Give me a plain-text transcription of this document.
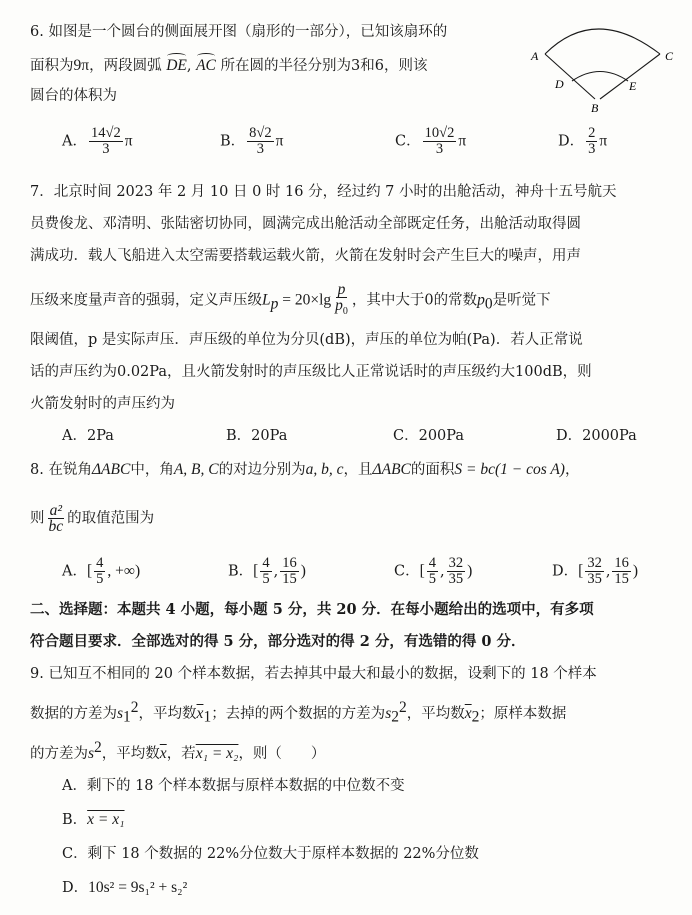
A	C
D	E
B
6. 如图是一个圆台的侧面展开图（扇形的一部分），已知该扇环的
面积为9π，两段圆弧 DE, AC 所在圆的半径分别为3和6，则该
圆台的体积为
A． $\frac{14√2}{3}$ π	B． $\frac{8√2}{3}$ π	C． $\frac{10√2}{3}$ π	D． $\frac{2}{3}$ π
7．北京时间 2023 年 2 月 10 日 0 时 16 分，经过约 7 小时的出舱活动，神舟十五号航天
员费俊龙、邓清明、张陆密切协同，圆满完成出舱活动全部既定任务，出舱活动取得圆
满成功．载人飞船进入太空需要搭载运载火箭，火箭在发射时会产生巨大的噪声，用声
压级来度量声音的强弱，定义声压级$L_p = 20\times\lg \frac{p}{p_0}$ ，其中大于0的常数$p_0$是听觉下
限阈值，p 是实际声压．声压级的单位为分贝(dB)，声压的单位为帕(Pa)．若人正常说
话的声压约为0.02Pa，且火箭发射时的声压级比人正常说话时的声压级约大100dB，则
火箭发射时的声压约为
A．2Pa	B．20Pa	C．200Pa	D．2000Pa
8. 在锐角ΔABC中，角A, B, C的对边分别为a, b, c，且ΔABC的面积S = bc(1 − cos A)，
则 $\frac{\text{a²}}{bc}$ 的取值范围为
A．[ $\frac{4}{5}$ , +∞)	B．[ $\frac{4}{5}$ , $\frac{16}{15}$ )	C．[ $\frac{4}{5}$ , $\frac{32}{35}$ )	D．[ $\frac{32}{35}$ , $\frac{16}{15}$ )
二、选择题：本题共 4 小题，每小题 5 分，共 20 分．在每小题给出的选项中，有多项
符合题目要求．全部选对的得 5 分，部分选对的得 2 分，有选错的得 0 分．
9. 已知互不相同的 20 个样本数据，若去掉其中最大和最小的数据，设剩下的 18 个样本
数据的方差为$s_1^2$，平均数$\overline{x}_1$；去掉的两个数据的方差为$s_2^2$，平均数$\overline{x}_2$；原样本数据
的方差为$s^2$，平均数$\overline{x}$，若x₁ = x₂，则（　　）
A．剩下的 18 个样本数据与原样本数据的中位数不变
B．x = x₁
C．剩下 18 个数据的 22%分位数大于原样本数据的 22%分位数
D．10s² = 9s₁² + s₂²
